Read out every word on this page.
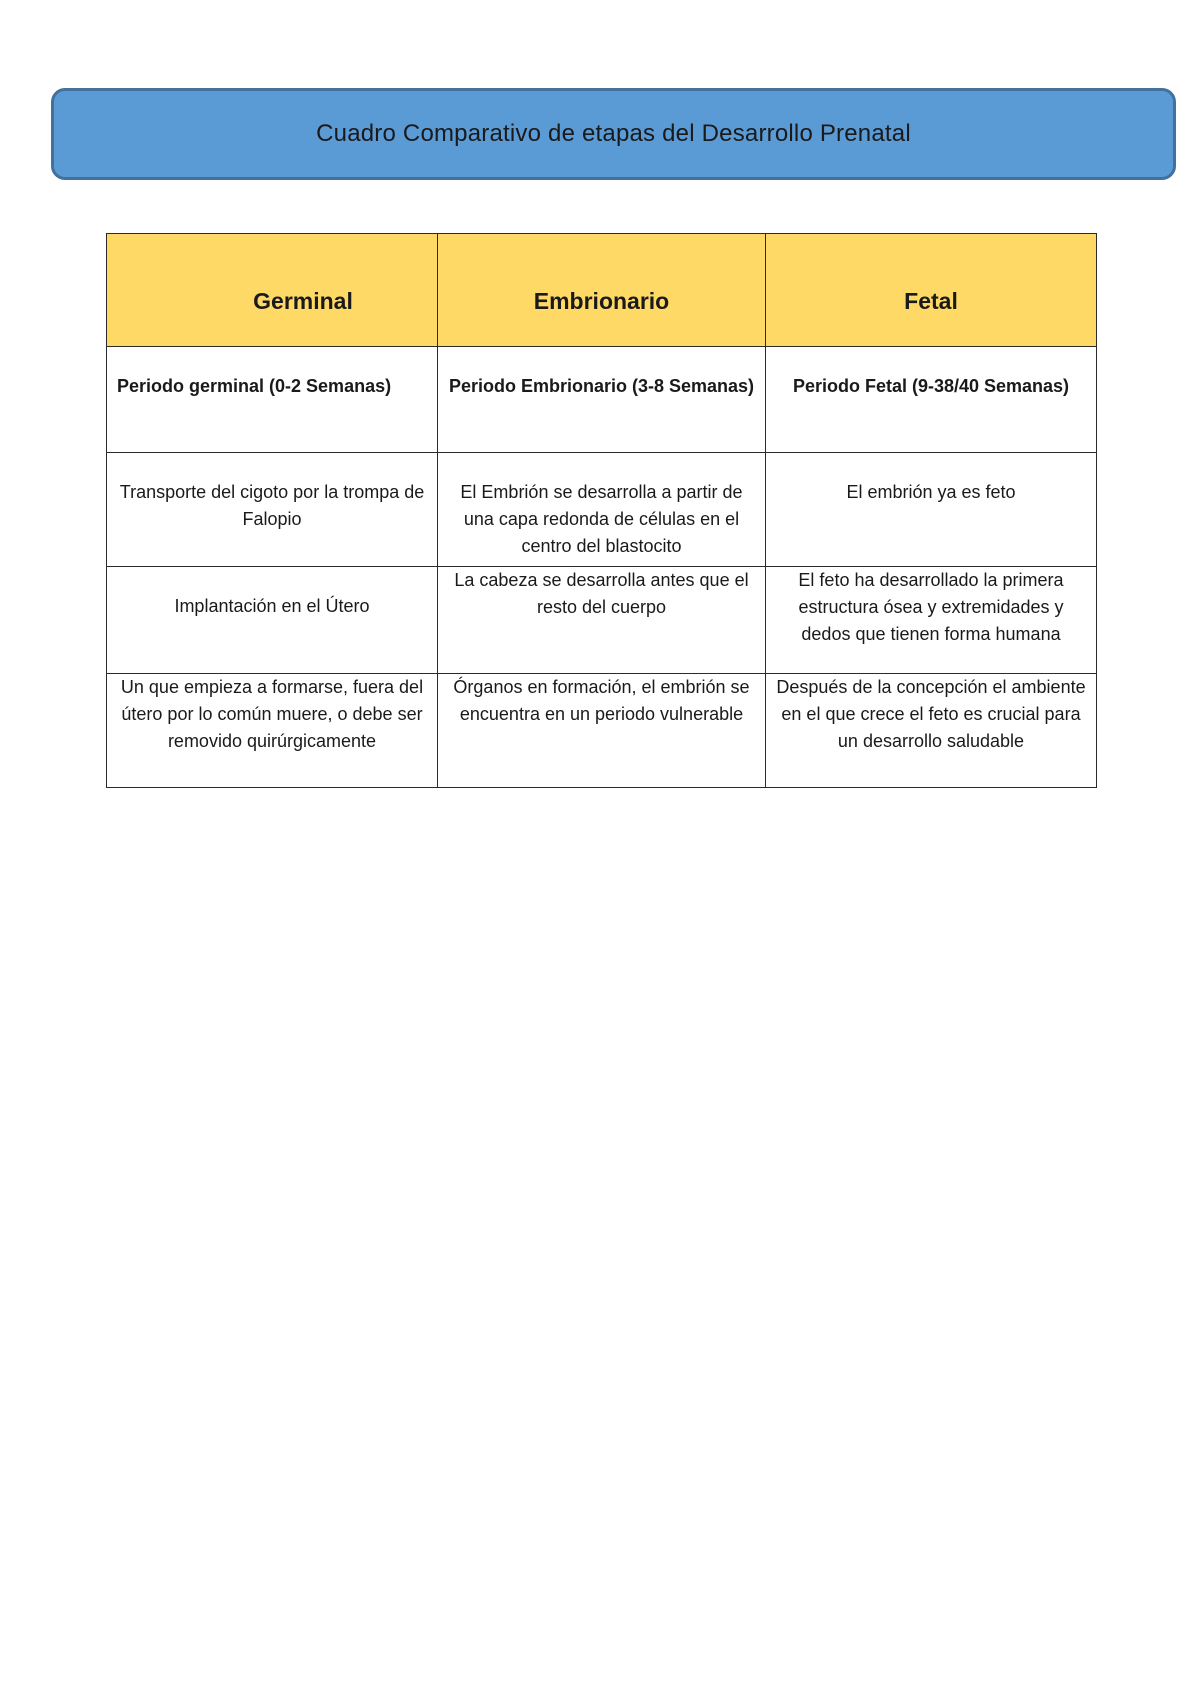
Cuadro Comparativo de etapas del Desarrollo Prenatal
Germinal	Embrionario	Fetal
Periodo germinal (0-2 Semanas)	Periodo Embrionario (3-8 Semanas)	Periodo Fetal (9-38/40 Semanas)
Transporte del cigoto por la trompa de Falopio	El Embrión se desarrolla a partir de una capa redonda de células en el centro del blastocito	El embrión ya es feto
Implantación en el Útero	La cabeza se desarrolla antes que el resto del cuerpo	El feto ha desarrollado la primera estructura ósea y extremidades y dedos que tienen forma humana
Un que empieza a formarse, fuera del útero por lo común muere, o debe ser removido quirúrgicamente	Órganos en formación, el embrión se encuentra en un periodo vulnerable	Después de la concepción el ambiente en el que crece el feto es crucial para un desarrollo saludable
